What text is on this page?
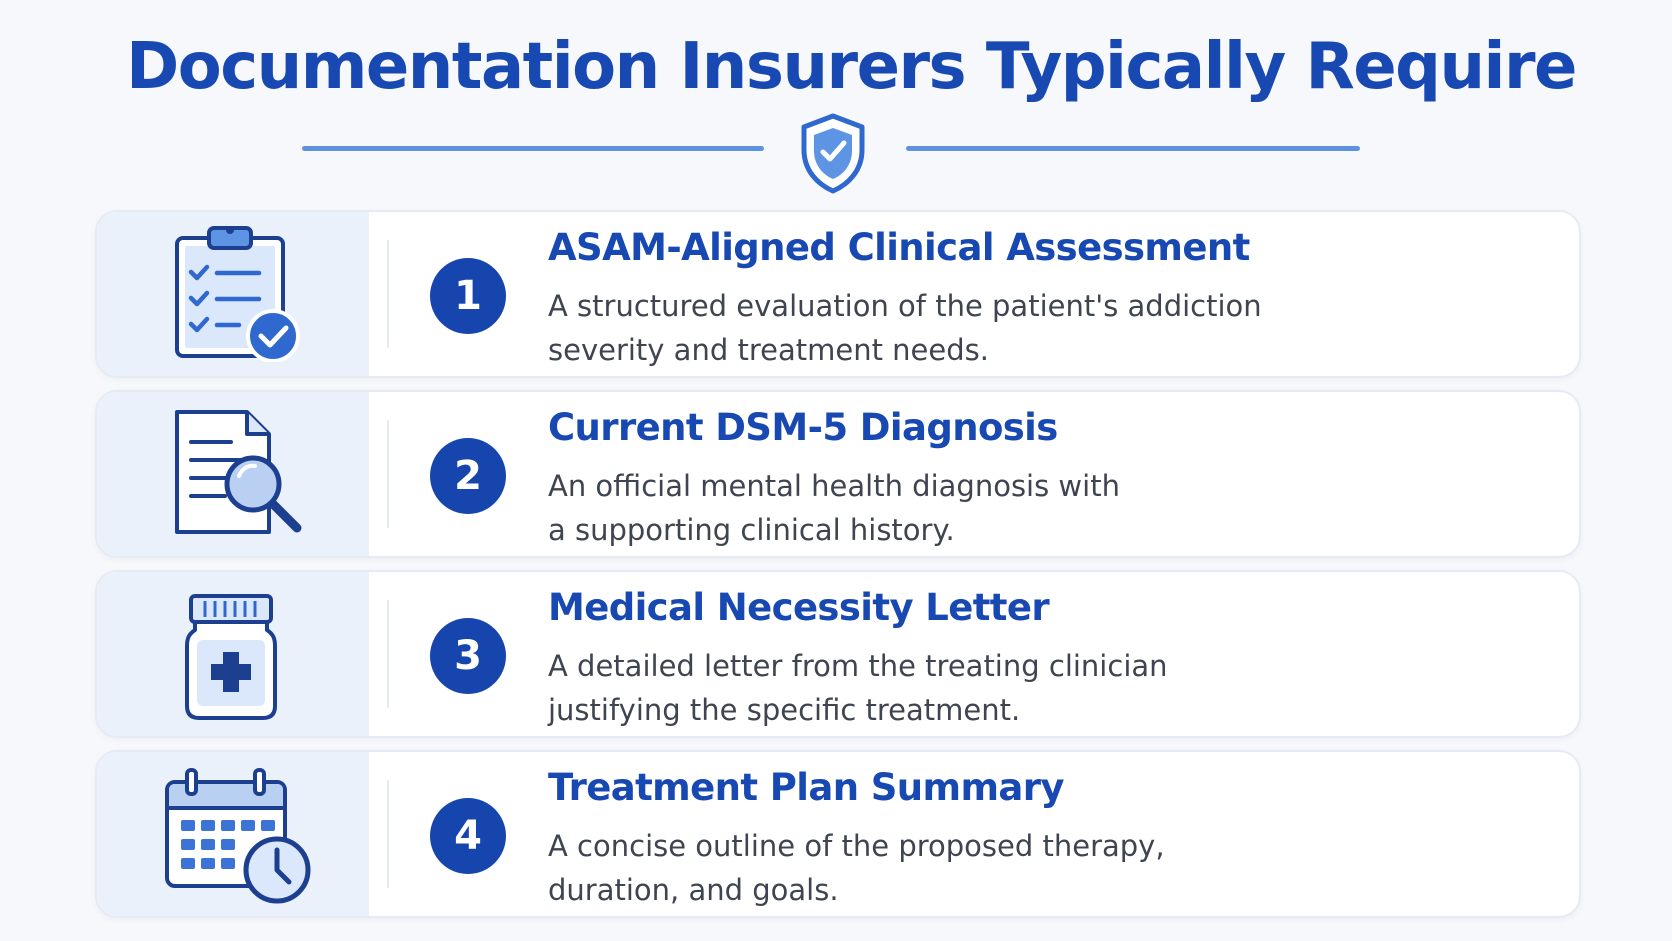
Documentation Insurers Typically Require
1
ASAM-Aligned Clinical Assessment
A structured evaluation of the patient's addiction
severity and treatment needs.
2
Current DSM-5 Diagnosis
An official mental health diagnosis with
a supporting clinical history.
3
Medical Necessity Letter
A detailed letter from the treating clinician
justifying the specific treatment.
4
Treatment Plan Summary
A concise outline of the proposed therapy,
duration, and goals.
